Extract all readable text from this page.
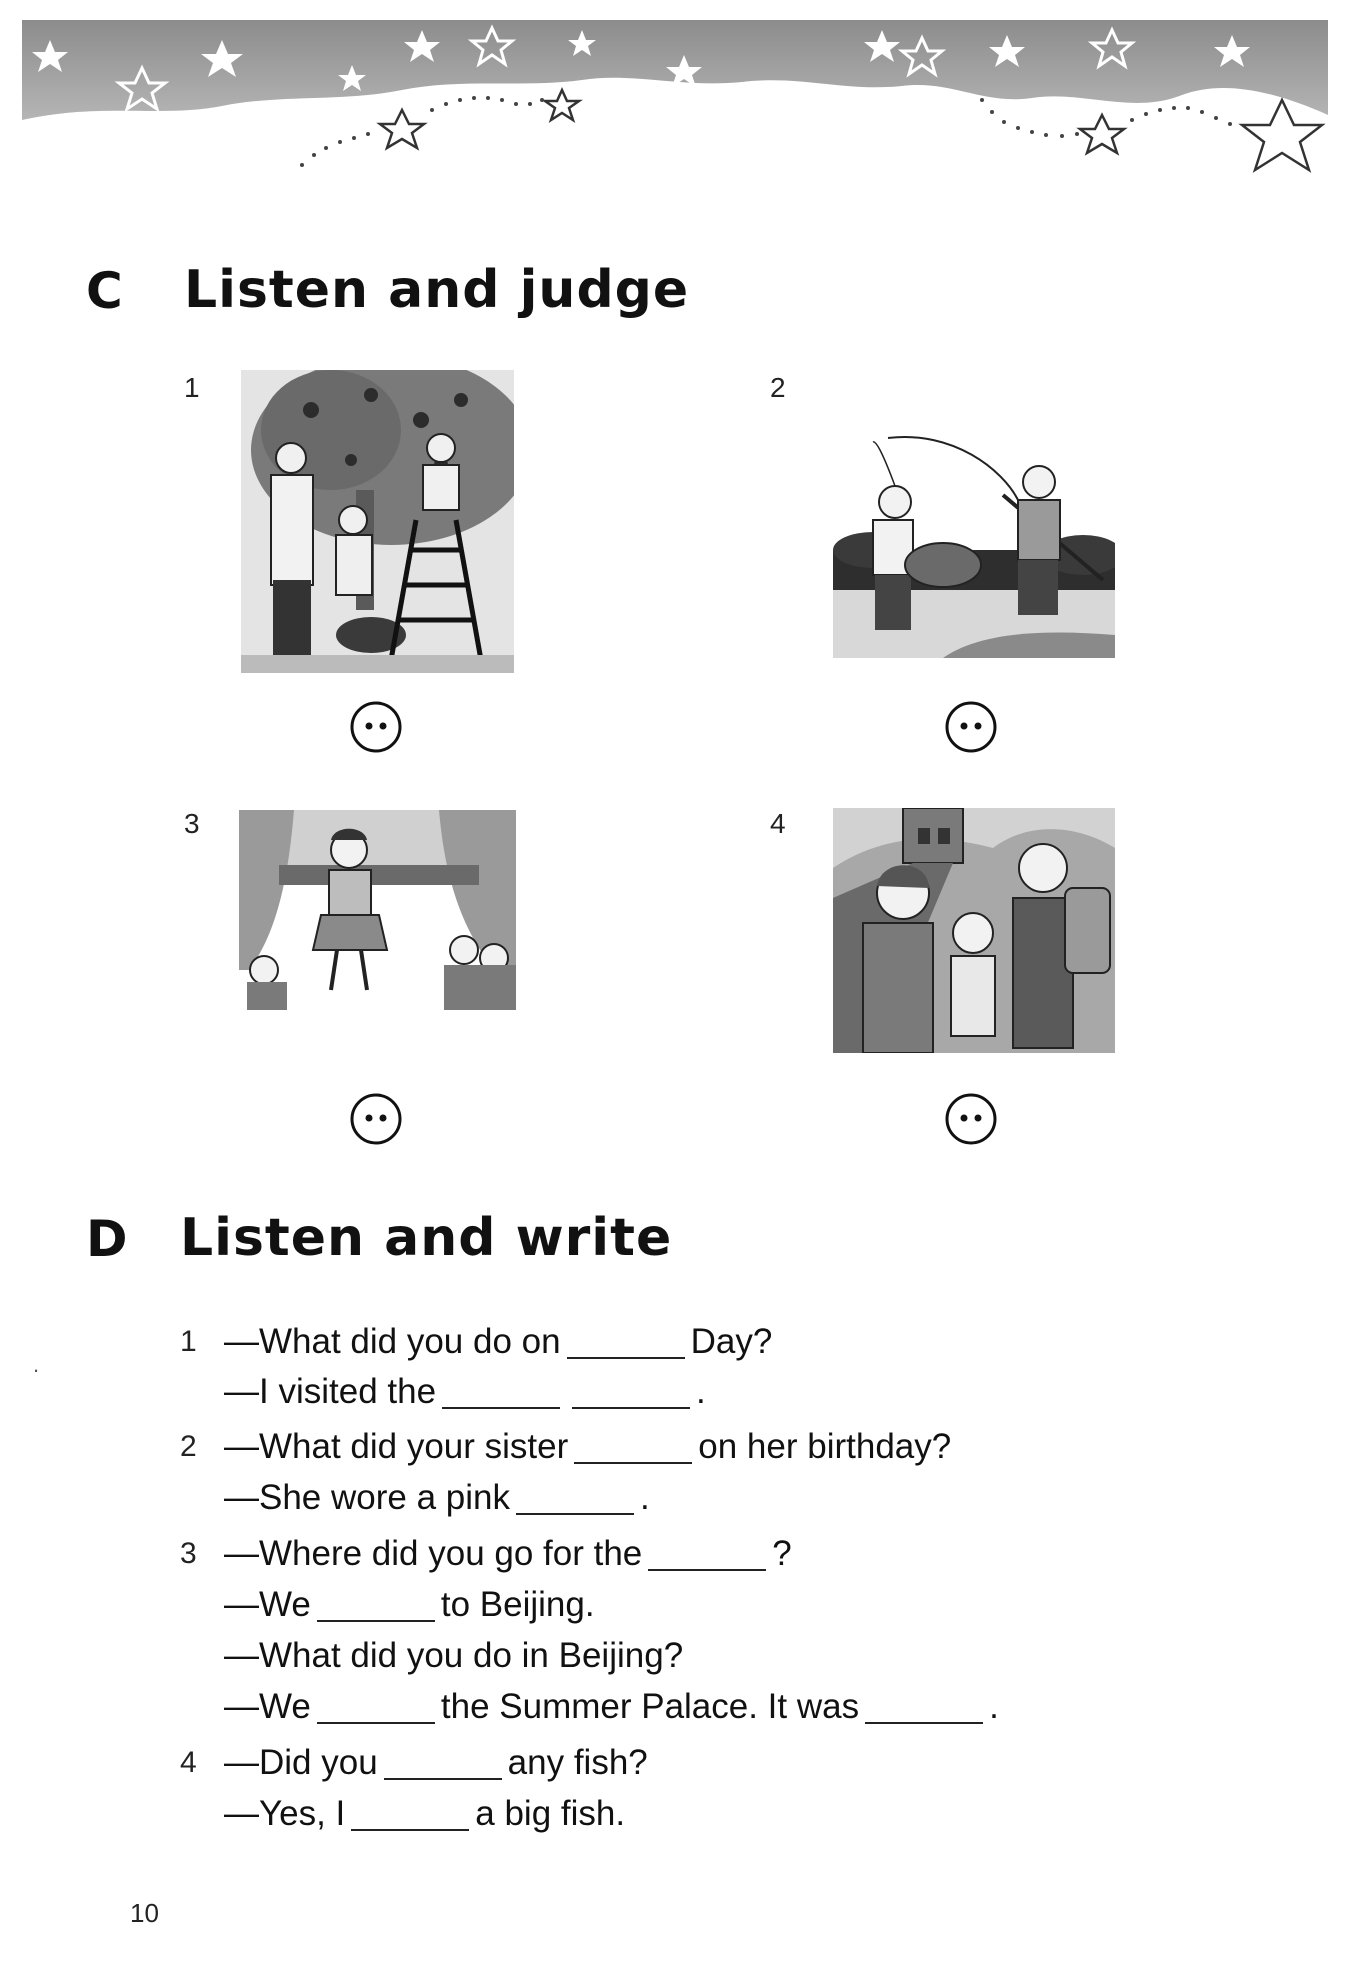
C Listen and judge
1	2
3	4
D Listen and write
.
1 —What did you do on	Day?
—I visited the	.
2 —What did your sister	on her birthday?
—She wore a pink	.
3 —Where did you go for the	?
—We	to Beijing.
—What did you do in Beijing?
—We	the Summer Palace. It was	.
4 —Did you	any fish?
—Yes, I	a big fish.
10
